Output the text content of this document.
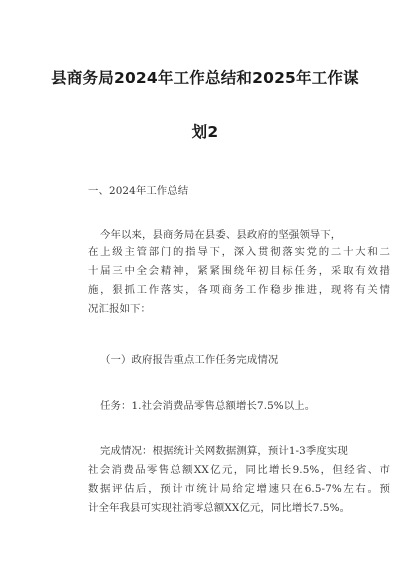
县商务局2024年工作总结和2025年工作谋
划2
一、2024年工作总结
今年以来，县商务局在县委、县政府的坚强领导下，
在上级主管部门的指导下，深入贯彻落实党的二十大和二
十届三中全会精神，紧紧围绕年初目标任务，采取有效措
施，狠抓工作落实，各项商务工作稳步推进，现将有关情
况汇报如下：
（一）政府报告重点工作任务完成情况
任务：1.社会消费品零售总额增长7.5%以上。
完成情况：根据统计关网数据测算，预计1-3季度实现
社会消费品零售总额XX亿元，同比增长9.5%，但经省、市
数据评估后，预计市统计局给定增速只在6.5-7%左右。预
计全年我县可实现社消零总额XX亿元，同比增长7.5%。
